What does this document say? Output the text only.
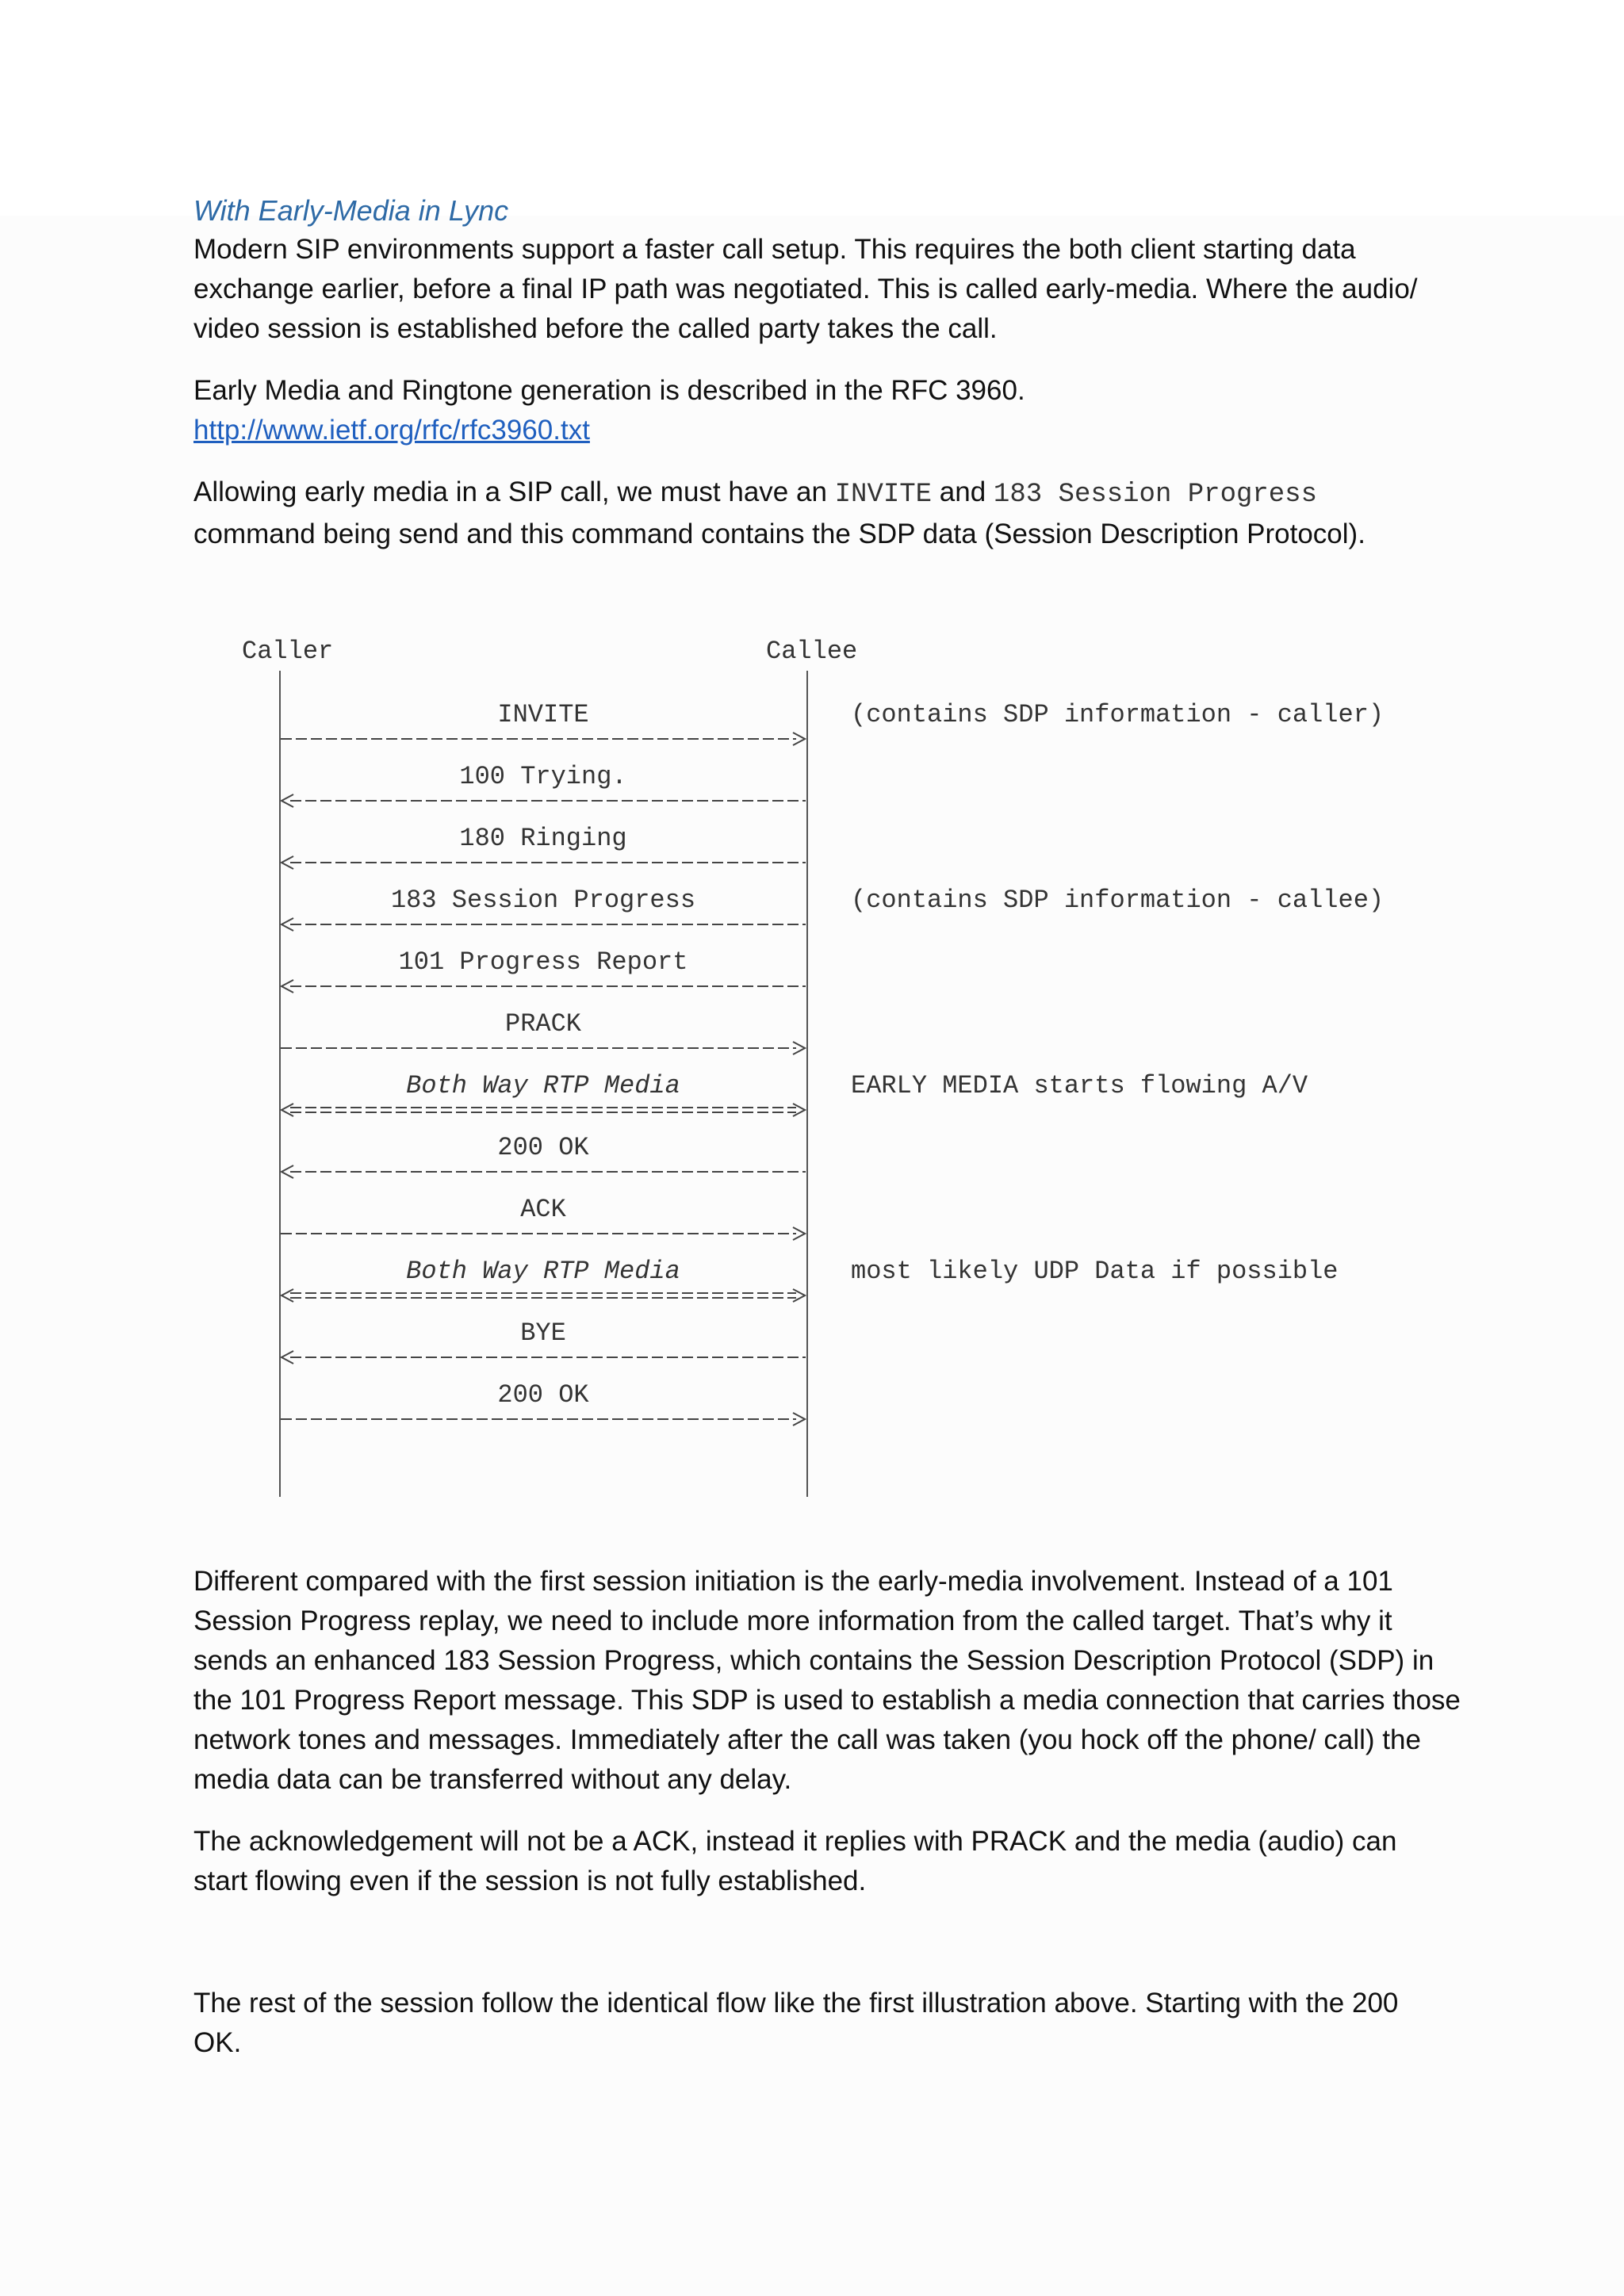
With Early-Media in Lync

Modern SIP environments support a faster call setup. This requires the both client starting data
exchange earlier, before a final IP path was negotiated. This is called early-media. Where the audio/
video session is established before the called party takes the call.

Early Media and Ringtone generation is described in the RFC 3960.
http://www.ietf.org/rfc/rfc3960.txt

Allowing early media in a SIP call, we must have an INVITE and 183 Session Progress
command being send and this command contains the SDP data (Session Description Protocol).

Caller	Callee
INVITE	(contains SDP information - caller)
100 Trying.
180 Ringing
183 Session Progress	(contains SDP information - callee)
101 Progress Report
PRACK
Both Way RTP Media	EARLY MEDIA starts flowing A/V
200 OK
ACK
Both Way RTP Media	most likely UDP Data if possible
BYE
200 OK

Different compared with the first session initiation is the early-media involvement. Instead of a 101
Session Progress replay, we need to include more information from the called target. That’s why it
sends an enhanced 183 Session Progress, which contains the Session Description Protocol (SDP) in
the 101 Progress Report message. This SDP is used to establish a media connection that carries those
network tones and messages. Immediately after the call was taken (you hock off the phone/ call) the
media data can be transferred without any delay.

The acknowledgement will not be a ACK, instead it replies with PRACK and the media (audio) can
start flowing even if the session is not fully established.

The rest of the session follow the identical flow like the first illustration above. Starting with the 200
OK.
